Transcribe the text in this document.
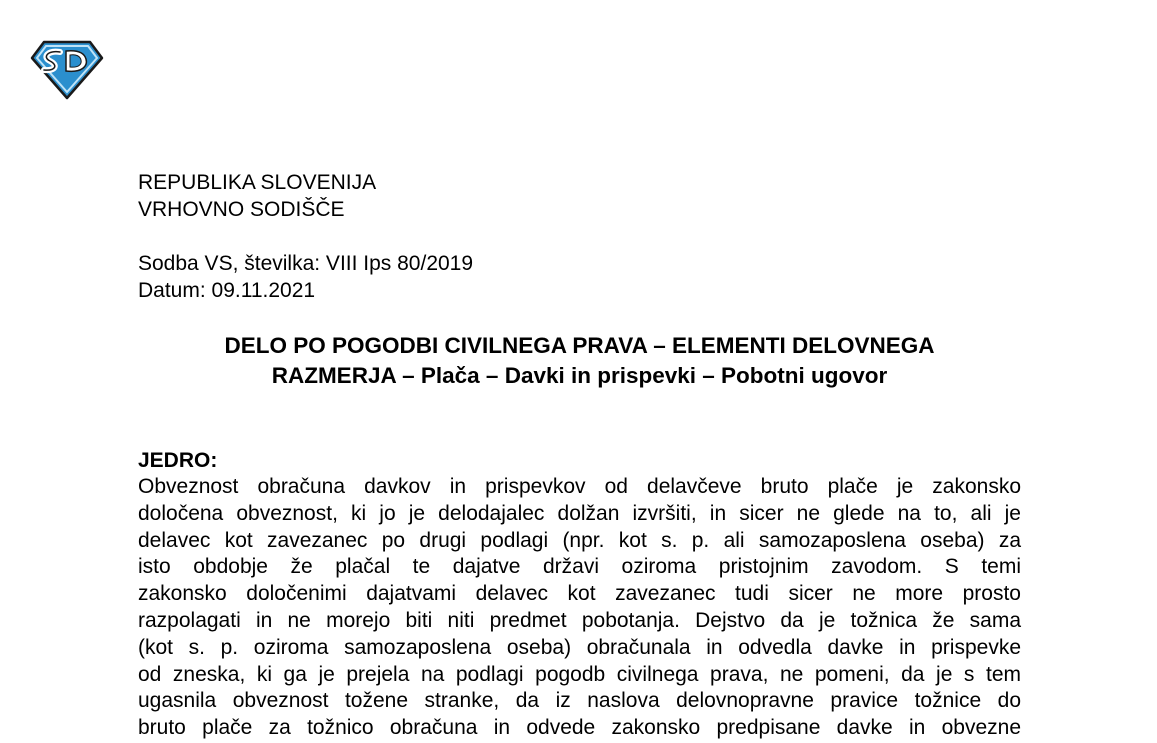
REPUBLIKA SLOVENIJA
VRHOVNO SODIŠČE
Sodba VS, številka: VIII Ips 80/2019
Datum: 09.11.2021
DELO PO POGODBI CIVILNEGA PRAVA – ELEMENTI DELOVNEGA
RAZMERJA – Plača – Davki in prispevki – Pobotni ugovor
JEDRO:
Obveznost obračuna davkov in prispevkov od delavčeve bruto plače je zakonsko
določena obveznost, ki jo je delodajalec dolžan izvršiti, in sicer ne glede na to, ali je
delavec kot zavezanec po drugi podlagi (npr. kot s. p. ali samozaposlena oseba) za
isto obdobje že plačal te dajatve državi oziroma pristojnim zavodom. S temi
zakonsko določenimi dajatvami delavec kot zavezanec tudi sicer ne more prosto
razpolagati in ne morejo biti niti predmet pobotanja. Dejstvo da je tožnica že sama
(kot s. p. oziroma samozaposlena oseba) obračunala in odvedla davke in prispevke
od zneska, ki ga je prejela na podlagi pogodb civilnega prava, ne pomeni, da je s tem
ugasnila obveznost tožene stranke, da iz naslova delovnopravne pravice tožnice do
bruto plače za tožnico obračuna in odvede zakonsko predpisane davke in obvezne
